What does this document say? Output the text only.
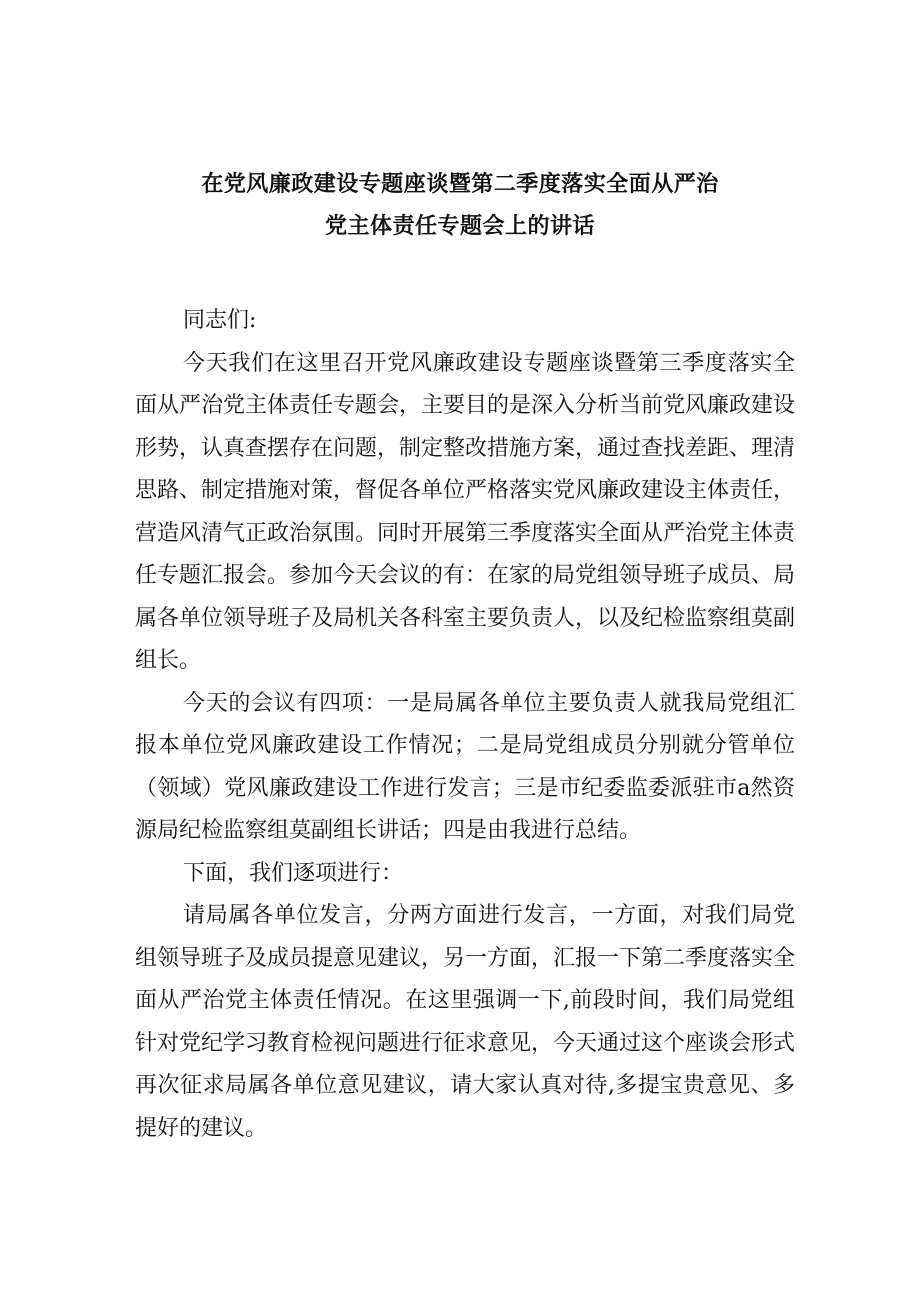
在党风廉政建设专题座谈暨第二季度落实全面从严治
党主体责任专题会上的讲话

同志们:

今天我们在这里召开党风廉政建设专题座谈暨第三季度落实全面从严治党主体责任专题会，主要目的是深入分析当前党风廉政建设形势，认真查摆存在问题，制定整改措施方案，通过查找差距、理清思路、制定措施对策，督促各单位严格落实党风廉政建设主体责任，营造风清气正政治氛围。同时开展第三季度落实全面从严治党主体责任专题汇报会。参加今天会议的有：在家的局党组领导班子成员、局属各单位领导班子及局机关各科室主要负责人，以及纪检监察组莫副组长。

今天的会议有四项：一是局属各单位主要负责人就我局党组汇报本单位党风廉政建设工作情况；二是局党组成员分别就分管单位（领域）党风廉政建设工作进行发言；三是市纪委监委派驻市a然资源局纪检监察组莫副组长讲话；四是由我进行总结。

下面，我们逐项进行：

请局属各单位发言，分两方面进行发言，一方面，对我们局党组领导班子及成员提意见建议，另一方面，汇报一下第二季度落实全面从严治党主体责任情况。在这里强调一下,前段时间，我们局党组针对党纪学习教育检视问题进行征求意见，今天通过这个座谈会形式再次征求局属各单位意见建议，请大家认真对待,多提宝贵意见、多提好的建议。
